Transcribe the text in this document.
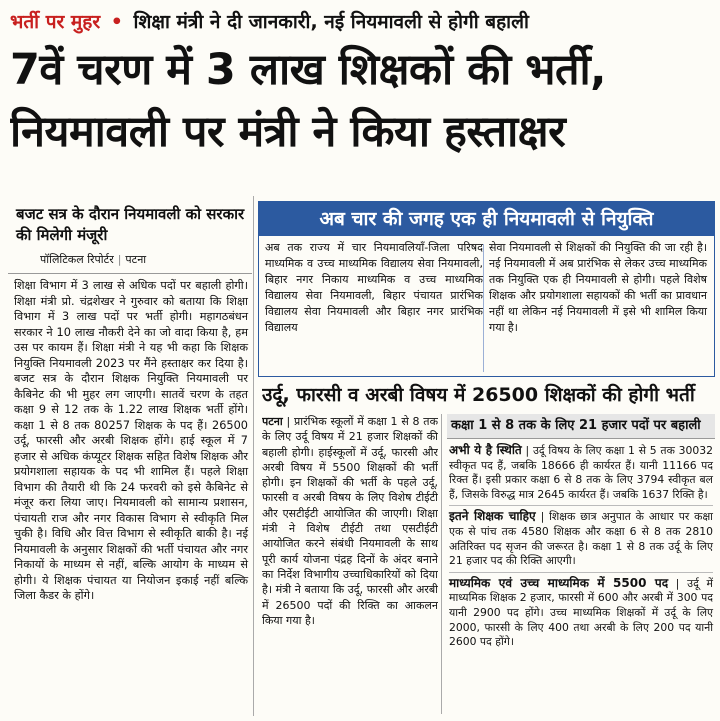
भर्ती पर मुहर • शिक्षा मंत्री ने दी जानकारी, नई नियमावली से होगी बहाली
7वें चरण में 3 लाख शिक्षकों की भर्ती,
नियमावली पर मंत्री ने किया हस्ताक्षर
बजट सत्र के दौरान नियमावली को सरकार की मिलेगी मंजूरी
पॉलिटिकल रिपोर्टर | पटना
शिक्षा विभाग में 3 लाख से अधिक पदों पर बहाली होगी। शिक्षा मंत्री प्रो. चंद्रशेखर ने गुरुवार को बताया कि शिक्षा विभाग में 3 लाख पदों पर भर्ती होगी। महागठबंधन सरकार ने 10 लाख नौकरी देने का जो वादा किया है, हम उस पर कायम हैं। शिक्षा मंत्री ने यह भी कहा कि शिक्षक नियुक्ति नियमावली 2023 पर मैंने हस्ताक्षर कर दिया है। बजट सत्र के दौरान शिक्षक नियुक्ति नियमावली पर कैबिनेट की भी मुहर लग जाएगी। सातवें चरण के तहत कक्षा 9 से 12 तक के 1.22 लाख शिक्षक भर्ती होंगे। कक्षा 1 से 8 तक 80257 शिक्षक के पद हैं। 26500 उर्दू, फारसी और अरबी शिक्षक होंगे। हाई स्कूल में 7 हजार से अधिक कंप्यूटर शिक्षक सहित विशेष शिक्षक और प्रयोगशाला सहायक के पद भी शामिल हैं। पहले शिक्षा विभाग की तैयारी थी कि 24 फरवरी को इसे कैबिनेट से मंजूर करा लिया जाए। नियमावली को सामान्य प्रशासन, पंचायती राज और नगर विकास विभाग से स्वीकृति मिल चुकी है। विधि और वित्त विभाग से स्वीकृति बाकी है। नई नियमावली के अनुसार शिक्षकों की भर्ती पंचायत और नगर निकायों के माध्यम से नहीं, बल्कि आयोग के माध्यम से होगी। ये शिक्षक पंचायत या नियोजन इकाई नहीं बल्कि जिला कैडर के होंगे।
अब चार की जगह एक ही नियमावली से नियुक्ति
अब तक राज्य में चार नियमावलियाँ-जिला परिषद माध्यमिक व उच्च माध्यमिक विद्यालय सेवा नियमावली, बिहार नगर निकाय माध्यमिक व उच्च माध्यमिक विद्यालय सेवा नियमावली, बिहार पंचायत प्रारंभिक विद्यालय सेवा नियमावली और बिहार नगर प्रारंभिक विद्यालय
सेवा नियमावली से शिक्षकों की नियुक्ति की जा रही है। नई नियमावली में अब प्रारंभिक से लेकर उच्च माध्यमिक तक नियुक्ति एक ही नियमावली से होगी। पहले विशेष शिक्षक और प्रयोगशाला सहायकों की भर्ती का प्रावधान नहीं था लेकिन नई नियमावली में इसे भी शामिल किया गया है।
उर्दू, फारसी व अरबी विषय में 26500 शिक्षकों की होगी भर्ती
पटना | प्रारंभिक स्कूलों में कक्षा 1 से 8 तक के लिए उर्दू विषय में 21 हजार शिक्षकों की बहाली होगी। हाईस्कूलों में उर्दू, फारसी और अरबी विषय में 5500 शिक्षकों की भर्ती होगी। इन शिक्षकों की भर्ती के पहले उर्दू, फारसी व अरबी विषय के लिए विशेष टीईटी और एसटीईटी आयोजित की जाएगी। शिक्षा मंत्री ने विशेष टीईटी तथा एसटीईटी आयोजित करने संबंधी नियमावली के साथ पूरी कार्य योजना पंद्रह दिनों के अंदर बनाने का निर्देश विभागीय उच्चाधिकारियों को दिया है। मंत्री ने बताया कि उर्दू, फारसी और अरबी में 26500 पदों की रिक्ति का आकलन किया गया है।
कक्षा 1 से 8 तक के लिए 21 हजार पदों पर बहाली
अभी ये है स्थिति | उर्दू विषय के लिए कक्षा 1 से 5 तक 30032 स्वीकृत पद हैं, जबकि 18666 ही कार्यरत हैं। यानी 11166 पद रिक्त हैं। इसी प्रकार कक्षा 6 से 8 तक के लिए 3794 स्वीकृत बल हैं, जिसके विरुद्ध मात्र 2645 कार्यरत हैं। जबकि 1637 रिक्ति है।
इतने शिक्षक चाहिए | शिक्षक छात्र अनुपात के आधार पर कक्षा एक से पांच तक 4580 शिक्षक और कक्षा 6 से 8 तक 2810 अतिरिक्त पद सृजन की जरूरत है। कक्षा 1 से 8 तक उर्दू के लिए 21 हजार पद की रिक्ति आएगी।
माध्यमिक एवं उच्च माध्यमिक में 5500 पद | उर्दू में माध्यमिक शिक्षक 2 हजार, फारसी में 600 और अरबी में 300 पद यानी 2900 पद होंगे। उच्च माध्यमिक शिक्षकों में उर्दू के लिए 2000, फारसी के लिए 400 तथा अरबी के लिए 200 पद यानी 2600 पद होंगे।
